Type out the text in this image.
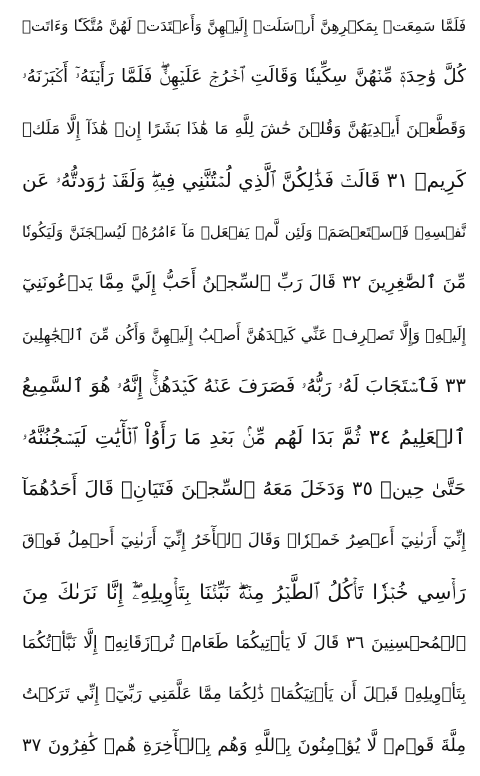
فَلَمَّا سَمِعَتۡ بِمَكۡرِهِنَّ أَرۡسَلَتۡ إِلَيۡهِنَّ وَأَعۡتَدَتۡ لَهُنَّ مُتَّكَـٔٗا وَءَاتَتۡ
كُلَّ وَٰحِدَةٖ مِّنۡهُنَّ سِكِّينٗا وَقَالَتِ ٱخۡرُجۡ عَلَيۡهِنَّۖ فَلَمَّا رَأَيۡنَهُۥٓ أَكۡبَرۡنَهُۥ
وَقَطَّعۡنَ أَيۡدِيَهُنَّ وَقُلۡنَ حَٰشَ لِلَّهِ مَا هَٰذَا بَشَرًا إِنۡ هَٰذَآ إِلَّا مَلَكٞ
كَرِيمٞ ٣١ قَالَتۡ فَذَٰلِكُنَّ ٱلَّذِي لُمۡتُنَّنِي فِيهِۖ وَلَقَدۡ رَٰوَدتُّهُۥ عَن
نَّفۡسِهِۦ فَٱسۡتَعۡصَمَۖ وَلَئِن لَّمۡ يَفۡعَلۡ مَآ ءَامُرُهُۥ لَيُسۡجَنَنَّ وَلَيَكُونٗا
مِّنَ ٱلصَّٰغِرِينَ ٣٢ قَالَ رَبِّ ٱلسِّجۡنُ أَحَبُّ إِلَيَّ مِمَّا يَدۡعُونَنِيٓ
إِلَيۡهِۖ وَإِلَّا تَصۡرِفۡ عَنِّي كَيۡدَهُنَّ أَصۡبُ إِلَيۡهِنَّ وَأَكُن مِّنَ ٱلۡجَٰهِلِينَ
٣٣ فَٱسۡتَجَابَ لَهُۥ رَبُّهُۥ فَصَرَفَ عَنۡهُ كَيۡدَهُنَّۚ إِنَّهُۥ هُوَ ٱلسَّمِيعُ
ٱلۡعَلِيمُ ٣٤ ثُمَّ بَدَا لَهُم مِّنۢ بَعۡدِ مَا رَأَوُاْ ٱلۡأٓيَٰتِ لَيَسۡجُنُنَّهُۥ
حَتَّىٰ حِينٖ ٣٥ وَدَخَلَ مَعَهُ ٱلسِّجۡنَ فَتَيَانِۖ قَالَ أَحَدُهُمَآ
إِنِّيٓ أَرَىٰنِيٓ أَعۡصِرُ خَمۡرٗاۖ وَقَالَ ٱلۡأٓخَرُ إِنِّيٓ أَرَىٰنِيٓ أَحۡمِلُ فَوۡقَ
رَأۡسِي خُبۡزٗا تَأۡكُلُ ٱلطَّيۡرُ مِنۡهُۖ نَبِّئۡنَا بِتَأۡوِيلِهِۦٓۖ إِنَّا نَرَىٰكَ مِنَ
ٱلۡمُحۡسِنِينَ ٣٦ قَالَ لَا يَأۡتِيكُمَا طَعَامٞ تُرۡزَقَانِهِۦٓ إِلَّا نَبَّأۡتُكُمَا
بِتَأۡوِيلِهِۦ قَبۡلَ أَن يَأۡتِيَكُمَاۚ ذَٰلِكُمَا مِمَّا عَلَّمَنِي رَبِّيٓۚ إِنِّي تَرَكۡتُ
مِلَّةَ قَوۡمٖ لَّا يُؤۡمِنُونَ بِٱللَّهِ وَهُم بِٱلۡأٓخِرَةِ هُمۡ كَٰفِرُونَ ٣٧
